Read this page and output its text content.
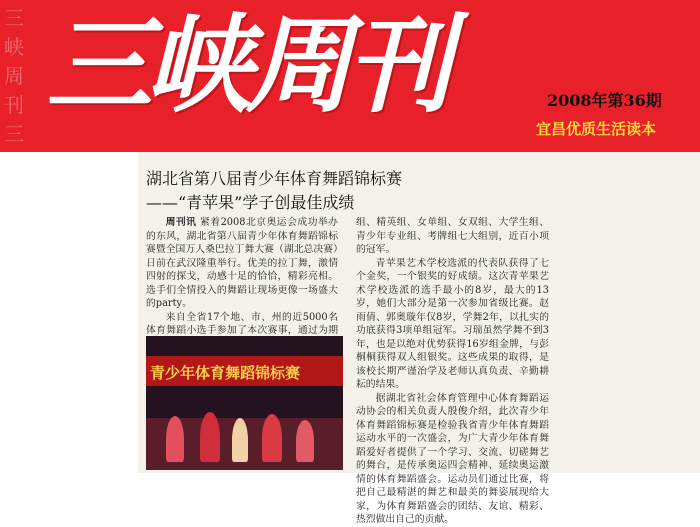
三峡周刊三峡周刊
三峡周刊	2008年第36期
宜昌优质生活读本
湖北省第八届青少年体育舞蹈锦标赛
——“青苹果”学子创最佳成绩

周刊讯 紧着2008北京奥运会成功举办的东风，湖北省第八届青少年体育舞蹈锦标赛暨全国万人桑巴拉丁舞大赛（湖北总决赛）日前在武汉隆重举行。优美的拉丁舞，激情四射的探戈，动感十足的恰恰，精彩亮相。选手们全情投入的舞蹈让现场更像一场盛大的party。

来自全省17个地、市、州的近5000名体育舞蹈小选手参加了本次赛事，通过为期

组、精英组、女单组、女双组、大学生组、青少年专业组、考牌组七大组别，近百小项的冠军。

青苹果艺术学校选派的代表队获得了七个金奖，一个银奖的好成绩。这次青苹果艺术学校选派的选手最小的8岁，最大的13岁，她们大部分是第一次参加省级比赛。赵雨倩、郭奥璇年仅8岁，学舞2年，以扎实的功底获得3项单组冠军。习瑞虽然学舞不到3年，也是以绝对优势获得16岁组金牌，与彭桐桐获得双人组银奖。这些成果的取得，是该校长期严谨治学及老师认真负责、辛勤耕耘的结果。

据湖北省社会体育管理中心体育舞蹈运动协会的相关负责人殷俊介绍，此次青少年体育舞蹈锦标赛是检验我省青少年体育舞蹈运动水平的一次盛会，为广大青少年体育舞蹈爱好者提供了一个学习、交流、切磋舞艺的舞台，是传承奥运四会精神、延续奥运激情的体育舞蹈盛会。运动员们通过比赛，将把自己最精湛的舞艺和最美的舞姿展现给大家，为体育舞蹈盛会的团结、友谊、精彩、热烈做出自己的贡献。

青少年体育舞蹈锦标赛
